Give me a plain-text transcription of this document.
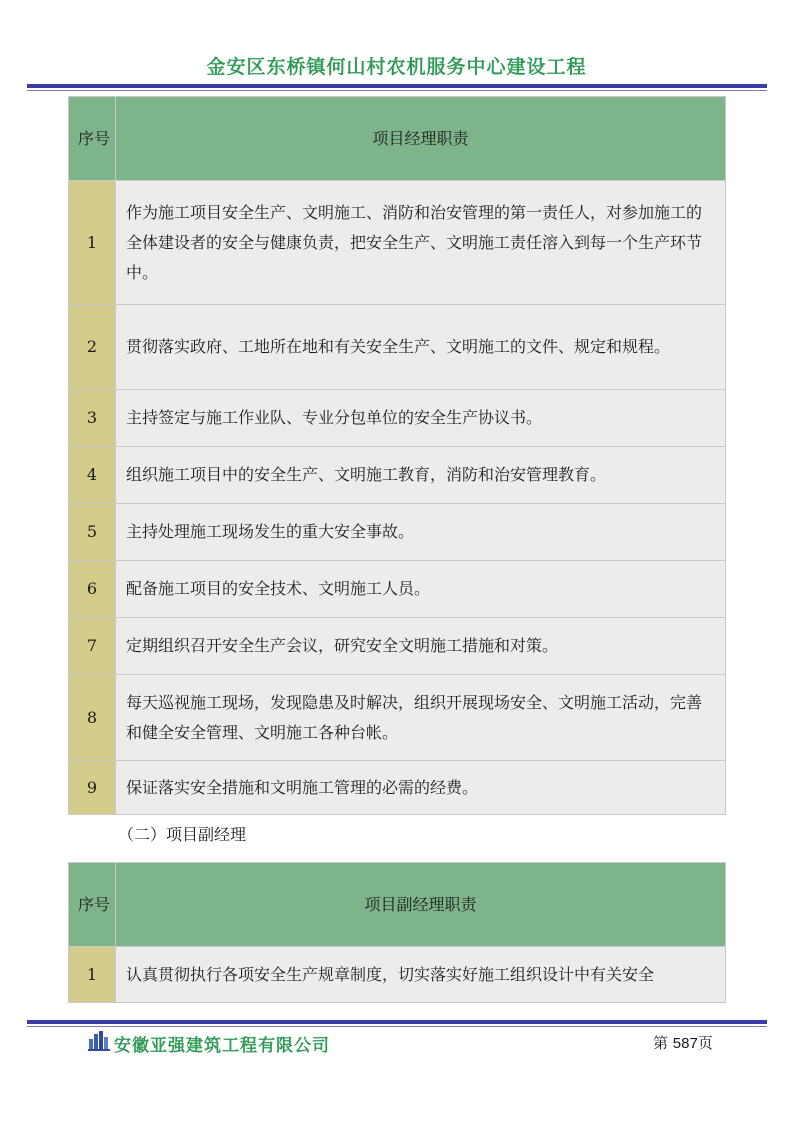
金安区东桥镇何山村农机服务中心建设工程
序号	项目经理职责
1	作为施工项目安全生产、文明施工、消防和治安管理的第一责任人，对参加施工的全体建设者的安全与健康负责，把安全生产、文明施工责任溶入到每一个生产环节中。
2	贯彻落实政府、工地所在地和有关安全生产、文明施工的文件、规定和规程。
3	主持签定与施工作业队、专业分包单位的安全生产协议书。
4	组织施工项目中的安全生产、文明施工教育，消防和治安管理教育。
5	主持处理施工现场发生的重大安全事故。
6	配备施工项目的安全技术、文明施工人员。
7	定期组织召开安全生产会议，研究安全文明施工措施和对策。
8	每天巡视施工现场，发现隐患及时解决，组织开展现场安全、文明施工活动，完善和健全安全管理、文明施工各种台帐。
9	保证落实安全措施和文明施工管理的必需的经费。
（二）项目副经理
序号	项目副经理职责
1	认真贯彻执行各项安全生产规章制度，切实落实好施工组织设计中有关安全
安徽亚强建筑工程有限公司	第 587页
